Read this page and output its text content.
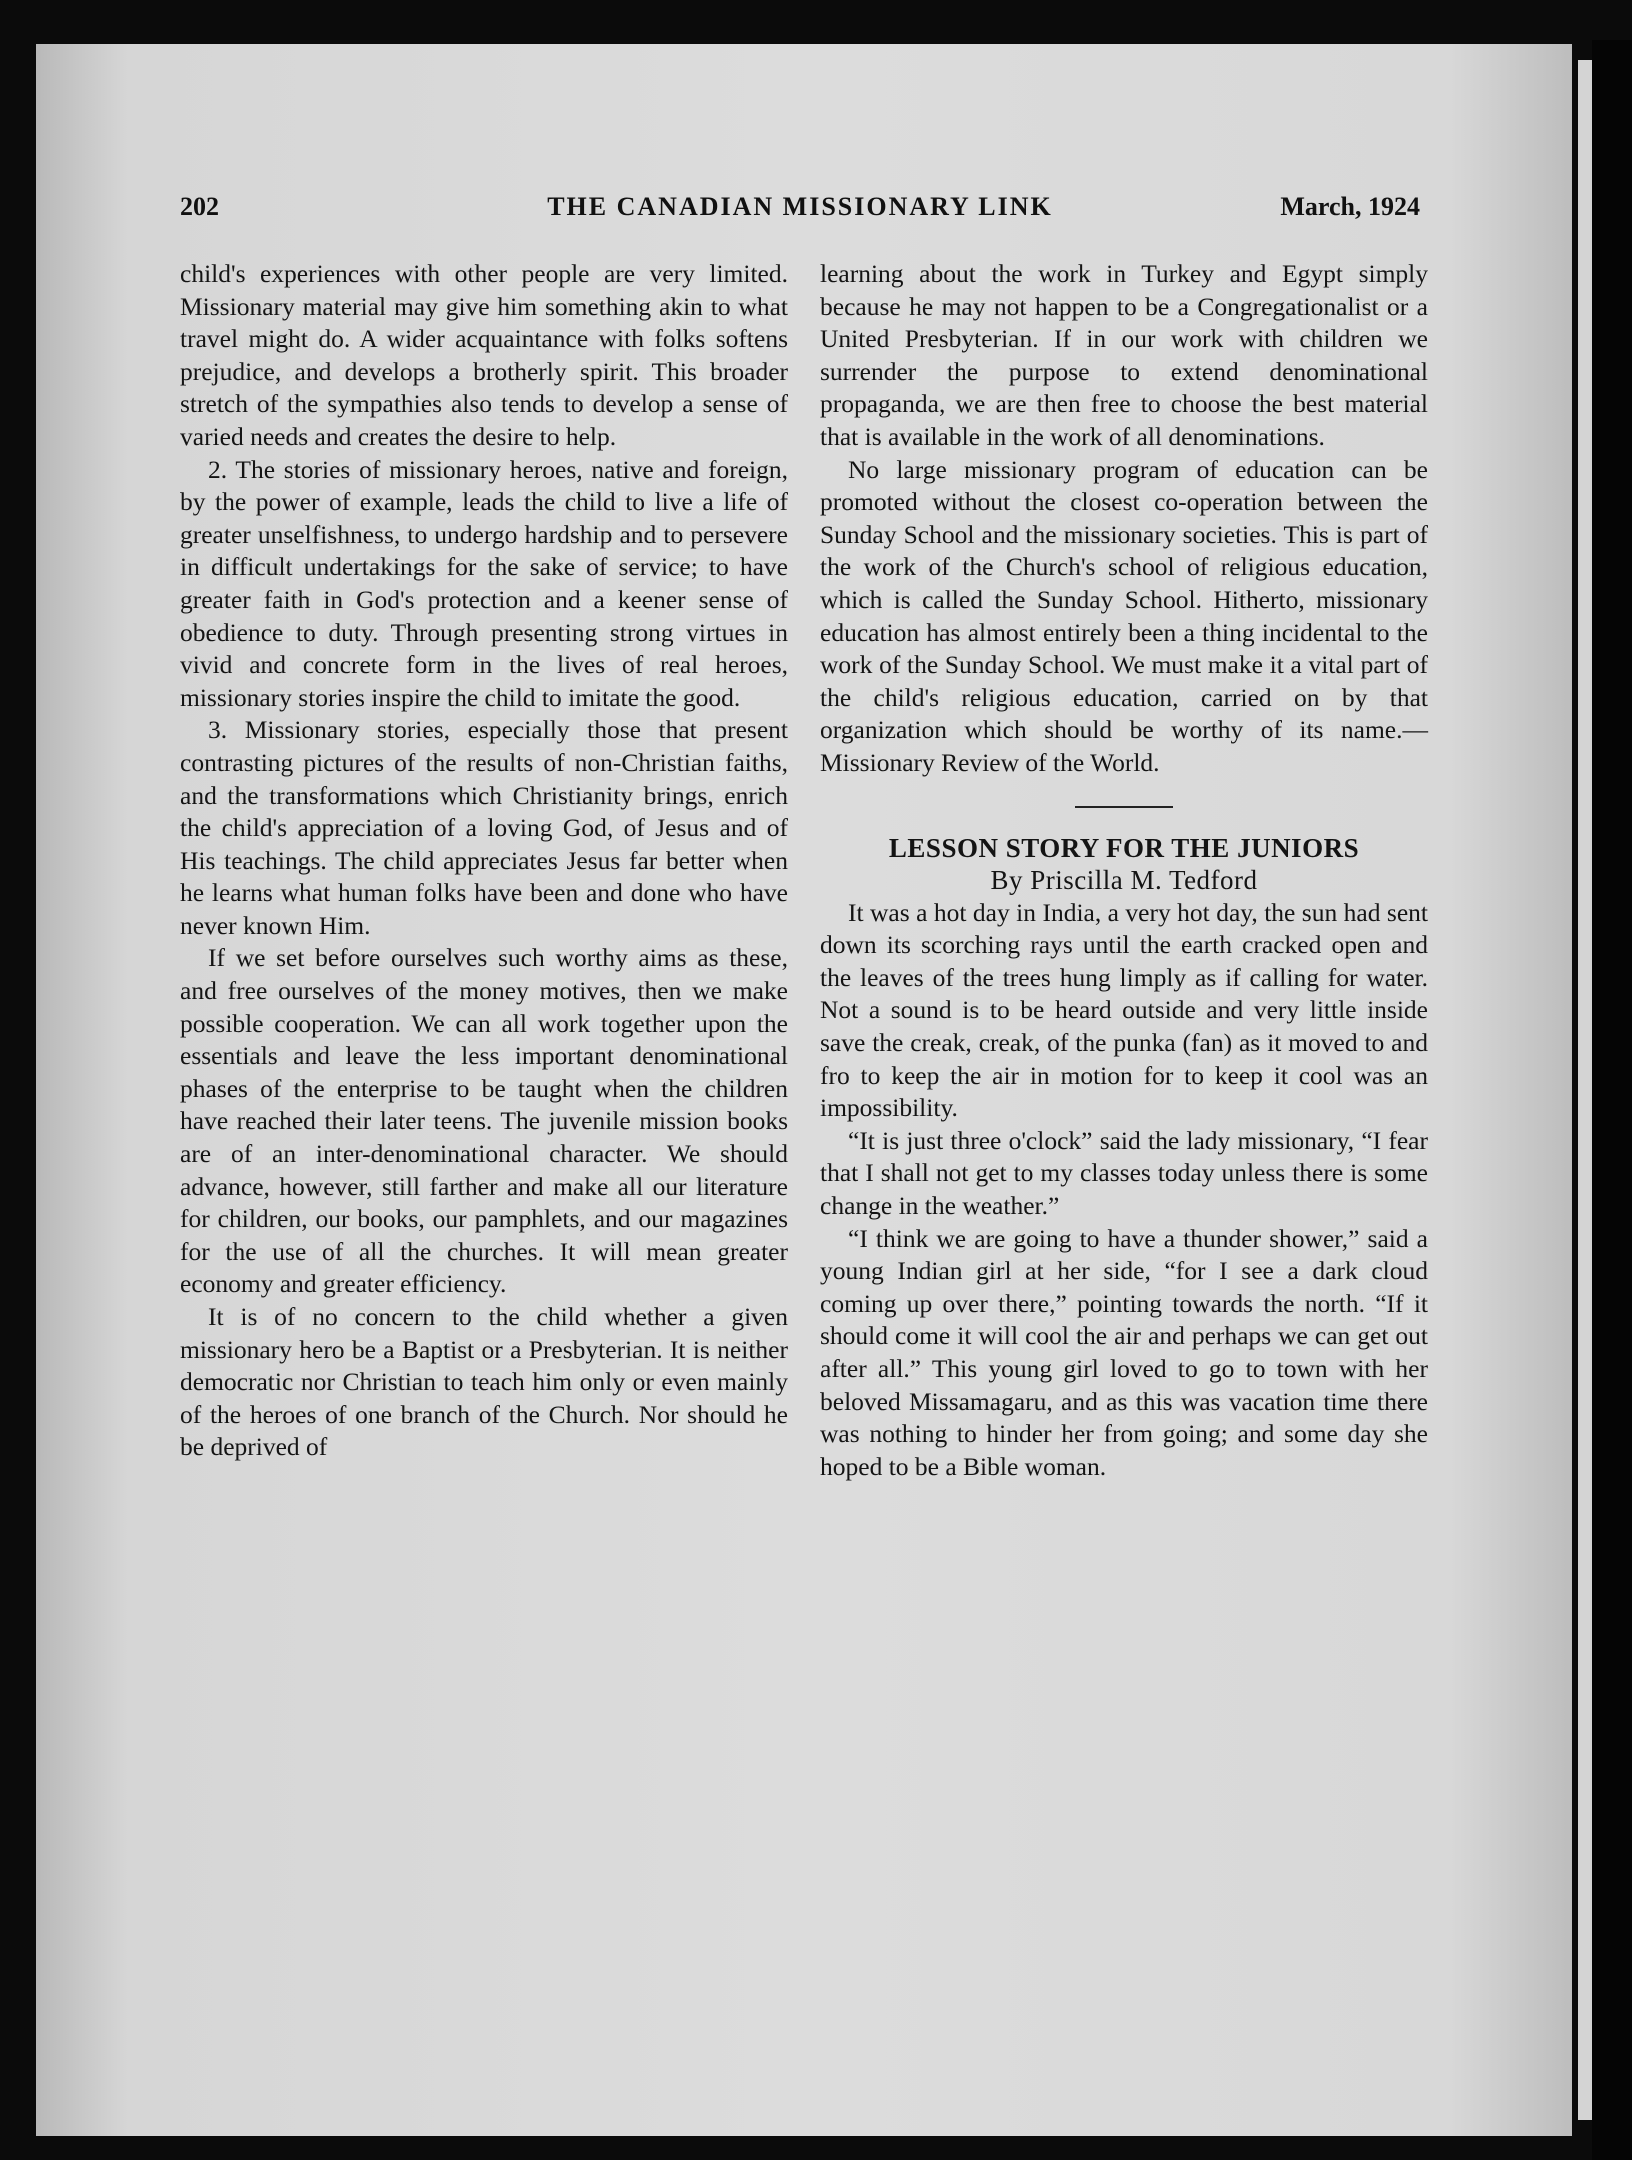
202	THE CANADIAN MISSIONARY LINK	March, 1924

child's experiences with other people are very limited. Missionary material may give him something akin to what travel might do. A wider acquaintance with folks softens prejudice, and develops a brotherly spirit. This broader stretch of the sympathies also tends to develop a sense of varied needs and creates the desire to help.

2. The stories of missionary heroes, native and foreign, by the power of example, leads the child to live a life of greater unselfishness, to undergo hardship and to persevere in difficult undertakings for the sake of service; to have greater faith in God's protection and a keener sense of obedience to duty. Through presenting strong virtues in vivid and concrete form in the lives of real heroes, missionary stories inspire the child to imitate the good.

3. Missionary stories, especially those that present contrasting pictures of the results of non-Christian faiths, and the transformations which Christianity brings, enrich the child's appreciation of a loving God, of Jesus and of His teachings. The child appreciates Jesus far better when he learns what human folks have been and done who have never known Him.

If we set before ourselves such worthy aims as these, and free ourselves of the money motives, then we make possible cooperation. We can all work together upon the essentials and leave the less important denominational phases of the enterprise to be taught when the children have reached their later teens. The juvenile mission books are of an inter-denominational character. We should advance, however, still farther and make all our literature for children, our books, our pamphlets, and our magazines for the use of all the churches. It will mean greater economy and greater efficiency.

It is of no concern to the child whether a given missionary hero be a Baptist or a Presbyterian. It is neither democratic nor Christian to teach him only or even mainly of the heroes of one branch of the Church. Nor should he be deprived of

learning about the work in Turkey and Egypt simply because he may not happen to be a Congregationalist or a United Presbyterian. If in our work with children we surrender the purpose to extend denominational propaganda, we are then free to choose the best material that is available in the work of all denominations.

No large missionary program of education can be promoted without the closest co-operation between the Sunday School and the missionary societies. This is part of the work of the Church's school of religious education, which is called the Sunday School. Hitherto, missionary education has almost entirely been a thing incidental to the work of the Sunday School. We must make it a vital part of the child's religious education, carried on by that organization which should be worthy of its name.—Missionary Review of the World.

LESSON STORY FOR THE JUNIORS

By Priscilla M. Tedford

It was a hot day in India, a very hot day, the sun had sent down its scorching rays until the earth cracked open and the leaves of the trees hung limply as if calling for water. Not a sound is to be heard outside and very little inside save the creak, creak, of the punka (fan) as it moved to and fro to keep the air in motion for to keep it cool was an impossibility.

“It is just three o'clock” said the lady missionary, “I fear that I shall not get to my classes today unless there is some change in the weather.”

“I think we are going to have a thunder shower,” said a young Indian girl at her side, “for I see a dark cloud coming up over there,” pointing towards the north. “If it should come it will cool the air and perhaps we can get out after all.” This young girl loved to go to town with her beloved Missamagaru, and as this was vacation time there was nothing to hinder her from going; and some day she hoped to be a Bible woman.
